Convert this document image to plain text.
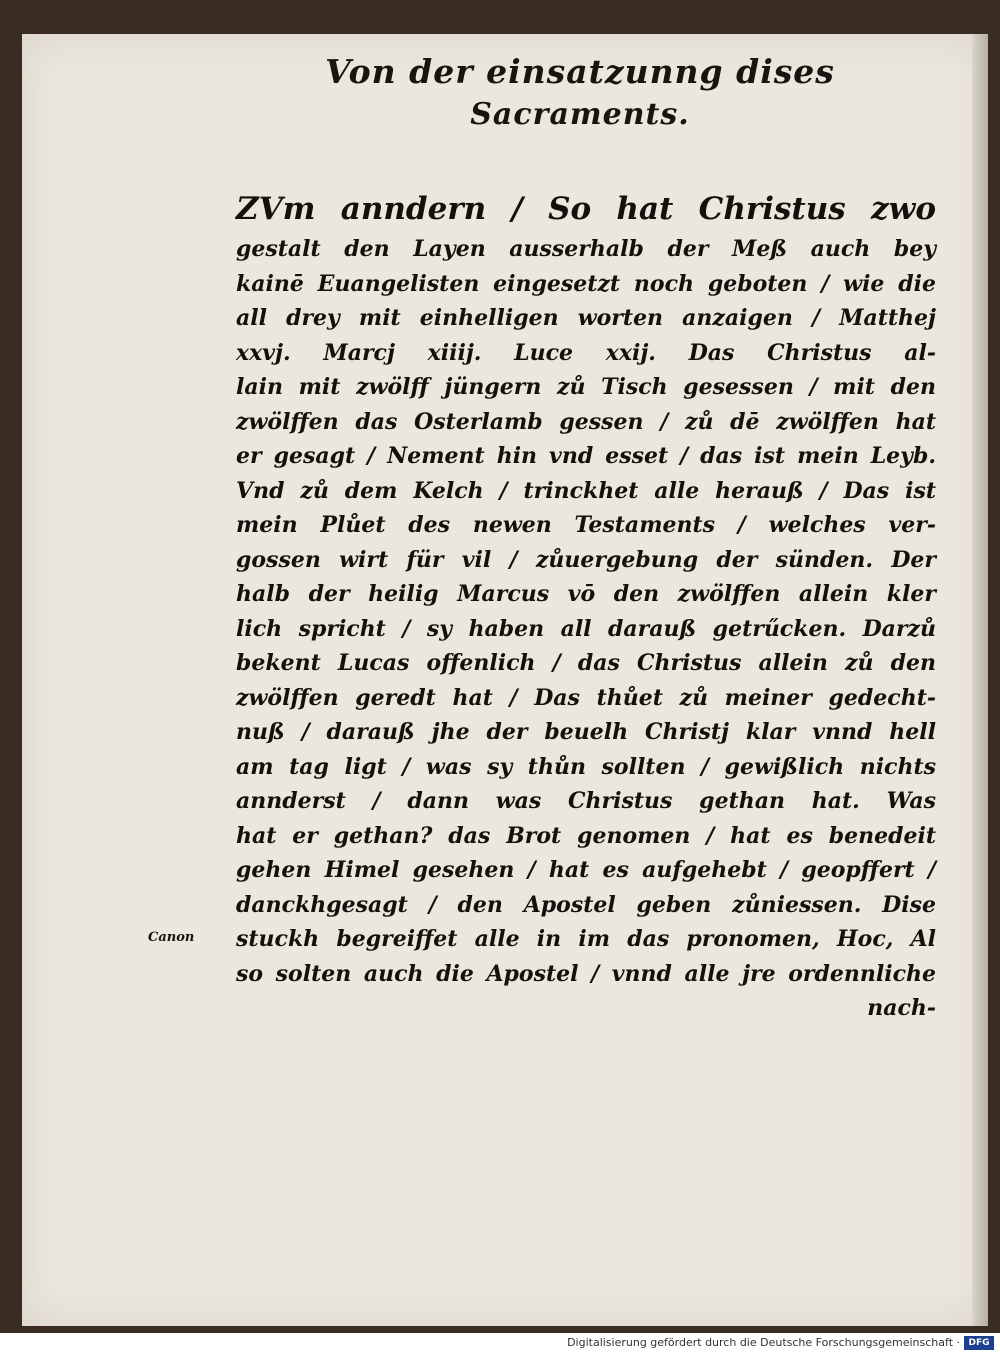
Von der einsatzunng dises
Sacraments.
ZVm anndern / So hat Christus zwo
gestalt den Layen ausserhalb der Meß auch bey
kainē Euangelisten eingesetzt noch geboten / wie die
all drey mit einhelligen worten anzaigen / Matthej
xxvj. Marcj xiiij. Luce xxij. Das Christus al-
lain mit zwölff jüngern zů Tisch gesessen / mit den
zwölffen das Osterlamb gessen / zů dē zwölffen hat
er gesagt / Nement hin vnd esset / das ist mein Leyb.
Vnd zů dem Kelch / trinckhet alle herauß / Das ist
mein Plůet des newen Testaments / welches ver-
gossen wirt für vil / zůuergebung der sünden. Der
halb der heilig Marcus vō den zwölffen allein kler
lich spricht / sy haben all darauß getrűcken. Darzů
bekent Lucas offenlich / das Christus allein zů den
zwölffen geredt hat / Das thůet zů meiner gedecht-
nuß / darauß jhe der beuelh Christj klar vnnd hell
am tag ligt / was sy thůn sollten / gewißlich nichts
annderst / dann was Christus gethan hat. Was
hat er gethan? das Brot genomen / hat es benedeit
gehen Himel gesehen / hat es aufgehebt / geopffert /
danckhgesagt / den Apostel geben zůniessen. Dise
stuckh begreiffet alle in im das pronomen, Hoc, Al
so solten auch die Apostel / vnnd alle jre ordennliche
nach-
Canon
Digitalisierung gefördert durch die Deutsche Forschungsgemeinschaft · DFG
